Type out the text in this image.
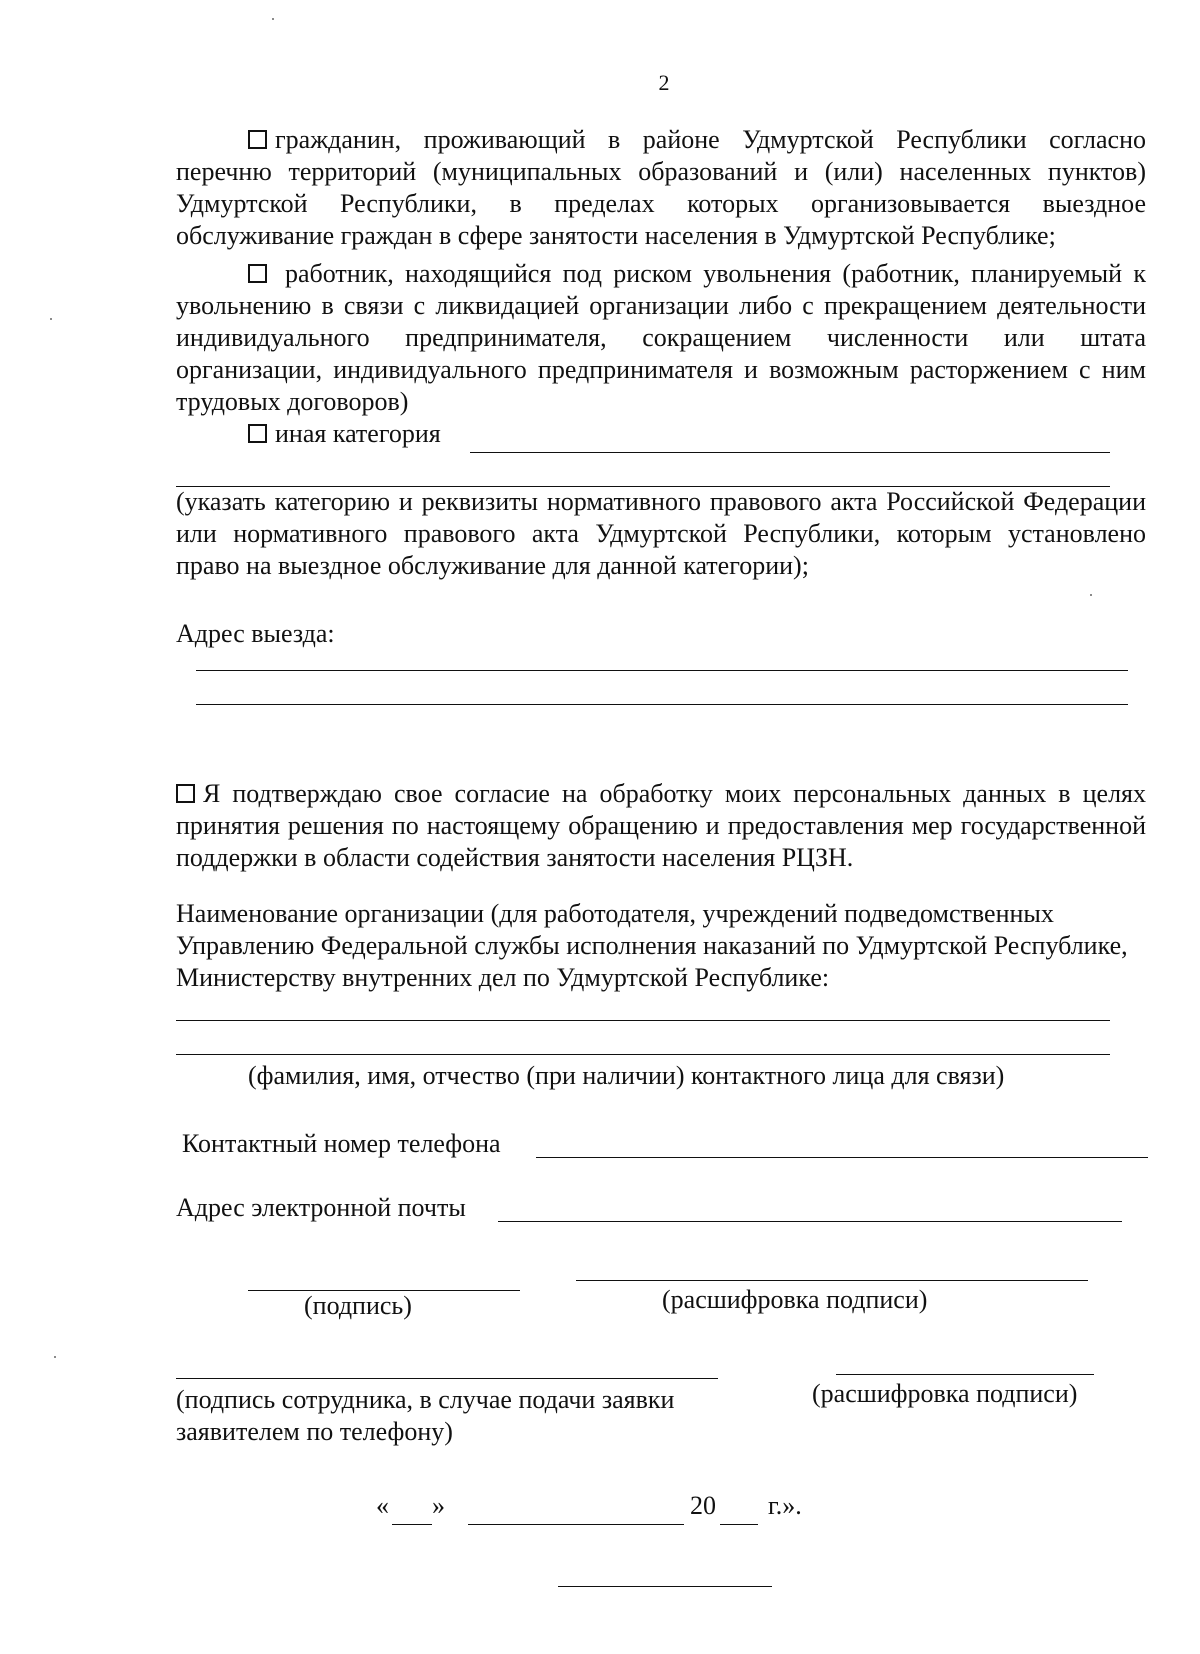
2
гражданин, проживающий в районе Удмуртской Республики согласно перечню территорий (муниципальных образований и (или) населенных пунктов) Удмуртской Республики, в пределах которых организовывается выездное обслуживание граждан в сфере занятости населения в Удмуртской Республике;
работник, находящийся под риском увольнения (работник, планируемый к увольнению в связи с ликвидацией организации либо с прекращением деятельности индивидуального предпринимателя, сокращением численности или штата организации, индивидуального предпринимателя и возможным расторжением с ним трудовых договоров)
иная категория
(указать категорию и реквизиты нормативного правового акта Российской Федерации или нормативного правового акта Удмуртской Республики, которым установлено право на выездное обслуживание для данной категории);
Адрес выезда:
Я подтверждаю свое согласие на обработку моих персональных данных в целях принятия решения по настоящему обращению и предоставления мер государственной поддержки в области содействия занятости населения РЦЗН.
Наименование организации (для работодателя, учреждений подведомственных Управлению Федеральной службы исполнения наказаний по Удмуртской Республике, Министерству внутренних дел по Удмуртской Республике:
(фамилия, имя, отчество (при наличии) контактного лица для связи)
Контактный номер телефона
Адрес электронной почты
(подпись)	(расшифровка подписи)
(подпись сотрудника, в случае подачи заявки заявителем по телефону)
(расшифровка подписи)
« »	20 г.».
